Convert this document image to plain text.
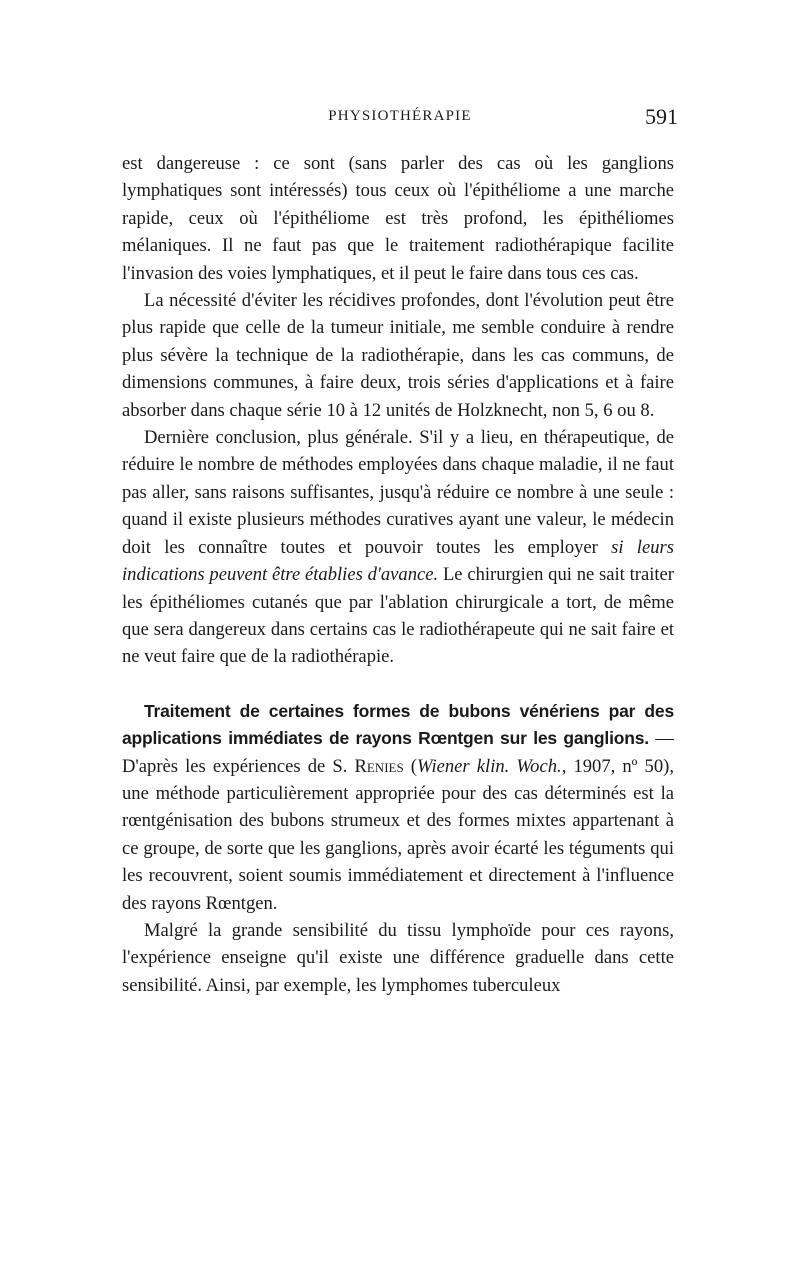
PHYSIOTHÉRAPIE	591

est dangereuse : ce sont (sans parler des cas où les ganglions lymphatiques sont intéressés) tous ceux où l'épithéliome a une marche rapide, ceux où l'épithéliome est très profond, les épithéliomes mélaniques. Il ne faut pas que le traitement radiothérapique facilite l'invasion des voies lymphatiques, et il peut le faire dans tous ces cas.

La nécessité d'éviter les récidives profondes, dont l'évolution peut être plus rapide que celle de la tumeur initiale, me semble conduire à rendre plus sévère la technique de la radiothérapie, dans les cas communs, de dimensions communes, à faire deux, trois séries d'applications et à faire absorber dans chaque série 10 à 12 unités de Holzknecht, non 5, 6 ou 8.

Dernière conclusion, plus générale. S'il y a lieu, en thérapeutique, de réduire le nombre de méthodes employées dans chaque maladie, il ne faut pas aller, sans raisons suffisantes, jusqu'à réduire ce nombre à une seule : quand il existe plusieurs méthodes curatives ayant une valeur, le médecin doit les connaître toutes et pouvoir toutes les employer si leurs indications peuvent être établies d'avance. Le chirurgien qui ne sait traiter les épithéliomes cutanés que par l'ablation chirurgicale a tort, de même que sera dangereux dans certains cas le radiothérapeute qui ne sait faire et ne veut faire que de la radiothérapie.

Traitement de certaines formes de bubons vénériens par des applications immédiates de rayons Rœntgen sur les ganglions. — D'après les expériences de S. Renies (Wiener klin. Woch., 1907, nº 50), une méthode particulièrement appropriée pour des cas déterminés est la rœntgénisation des bubons strumeux et des formes mixtes appartenant à ce groupe, de sorte que les ganglions, après avoir écarté les téguments qui les recouvrent, soient soumis immédiatement et directement à l'influence des rayons Rœntgen.

Malgré la grande sensibilité du tissu lymphoïde pour ces rayons, l'expérience enseigne qu'il existe une différence graduelle dans cette sensibilité. Ainsi, par exemple, les lymphomes tuberculeux
